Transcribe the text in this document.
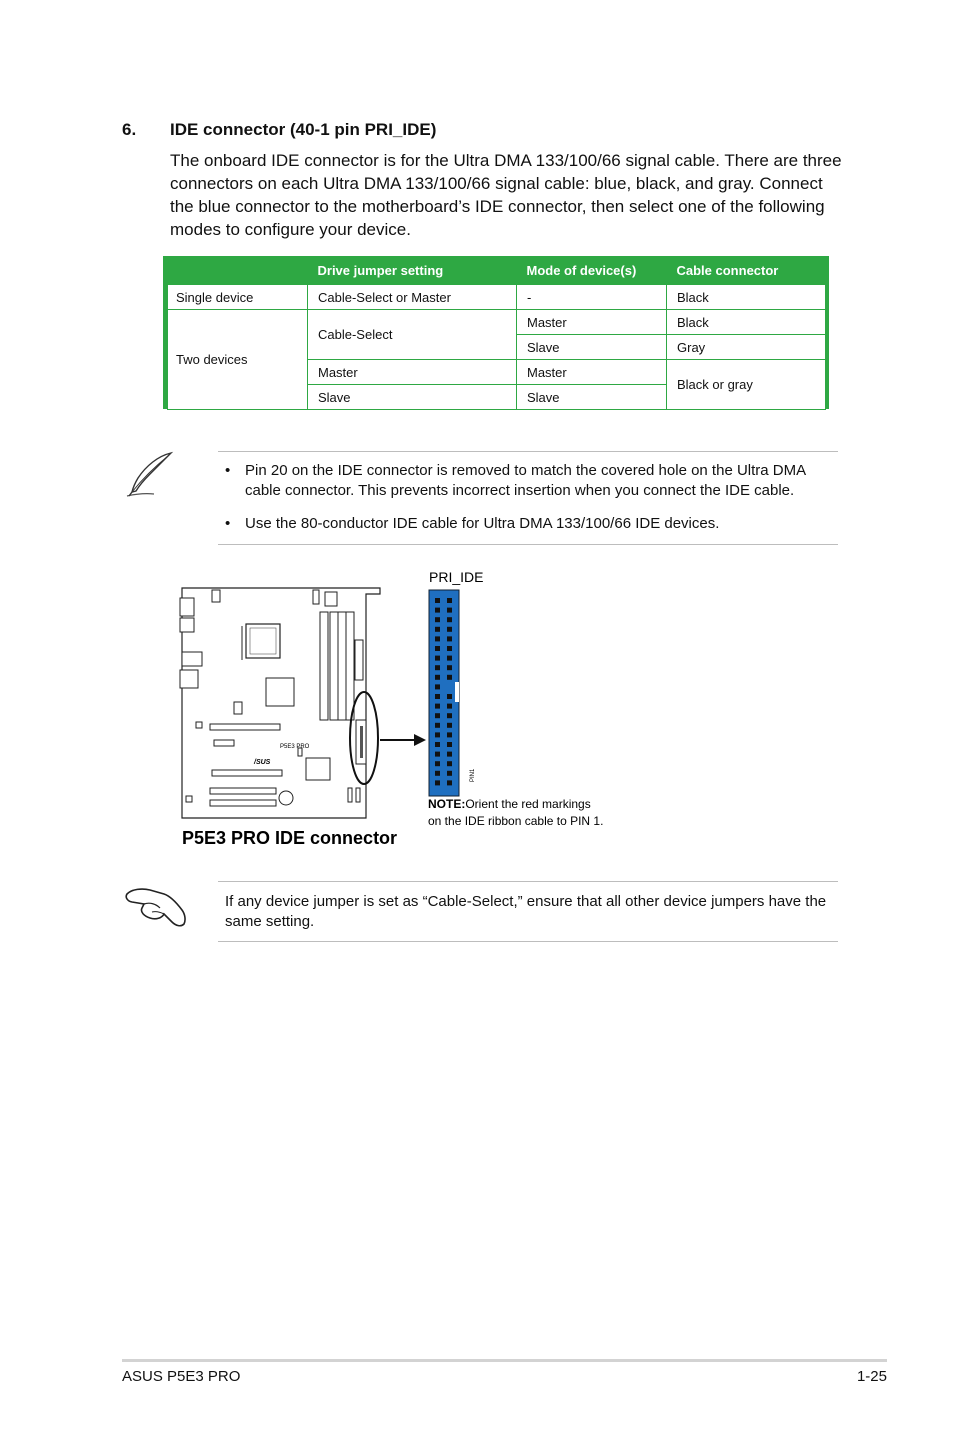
6. IDE connector (40-1 pin PRI_IDE)
The onboard IDE connector is for the Ultra DMA 133/100/66 signal cable. There are three connectors on each Ultra DMA 133/100/66 signal cable: blue, black, and gray. Connect the blue connector to the motherboard’s IDE connector, then select one of the following modes to configure your device.
	Drive jumper setting	Mode of device(s)	Cable connector
Single device	Cable-Select or Master	-	Black
Two devices	Cable-Select	Master	Black
		Slave	Gray
	Master	Master	Black or gray
	Slave	Slave	
• Pin 20 on the IDE connector is removed to match the covered hole on the Ultra DMA cable connector. This prevents incorrect insertion when you connect the IDE cable.
• Use the 80-conductor IDE cable for Ultra DMA 133/100/66 IDE devices.
P5E3 PRO
/SUS
PRI_IDE
PIN1
NOTE:Orient the red markings
on the IDE ribbon cable to PIN 1.
P5E3 PRO IDE connector
If any device jumper is set as “Cable-Select,” ensure that all other device jumpers have the same setting.
ASUS P5E3 PRO	1-25
